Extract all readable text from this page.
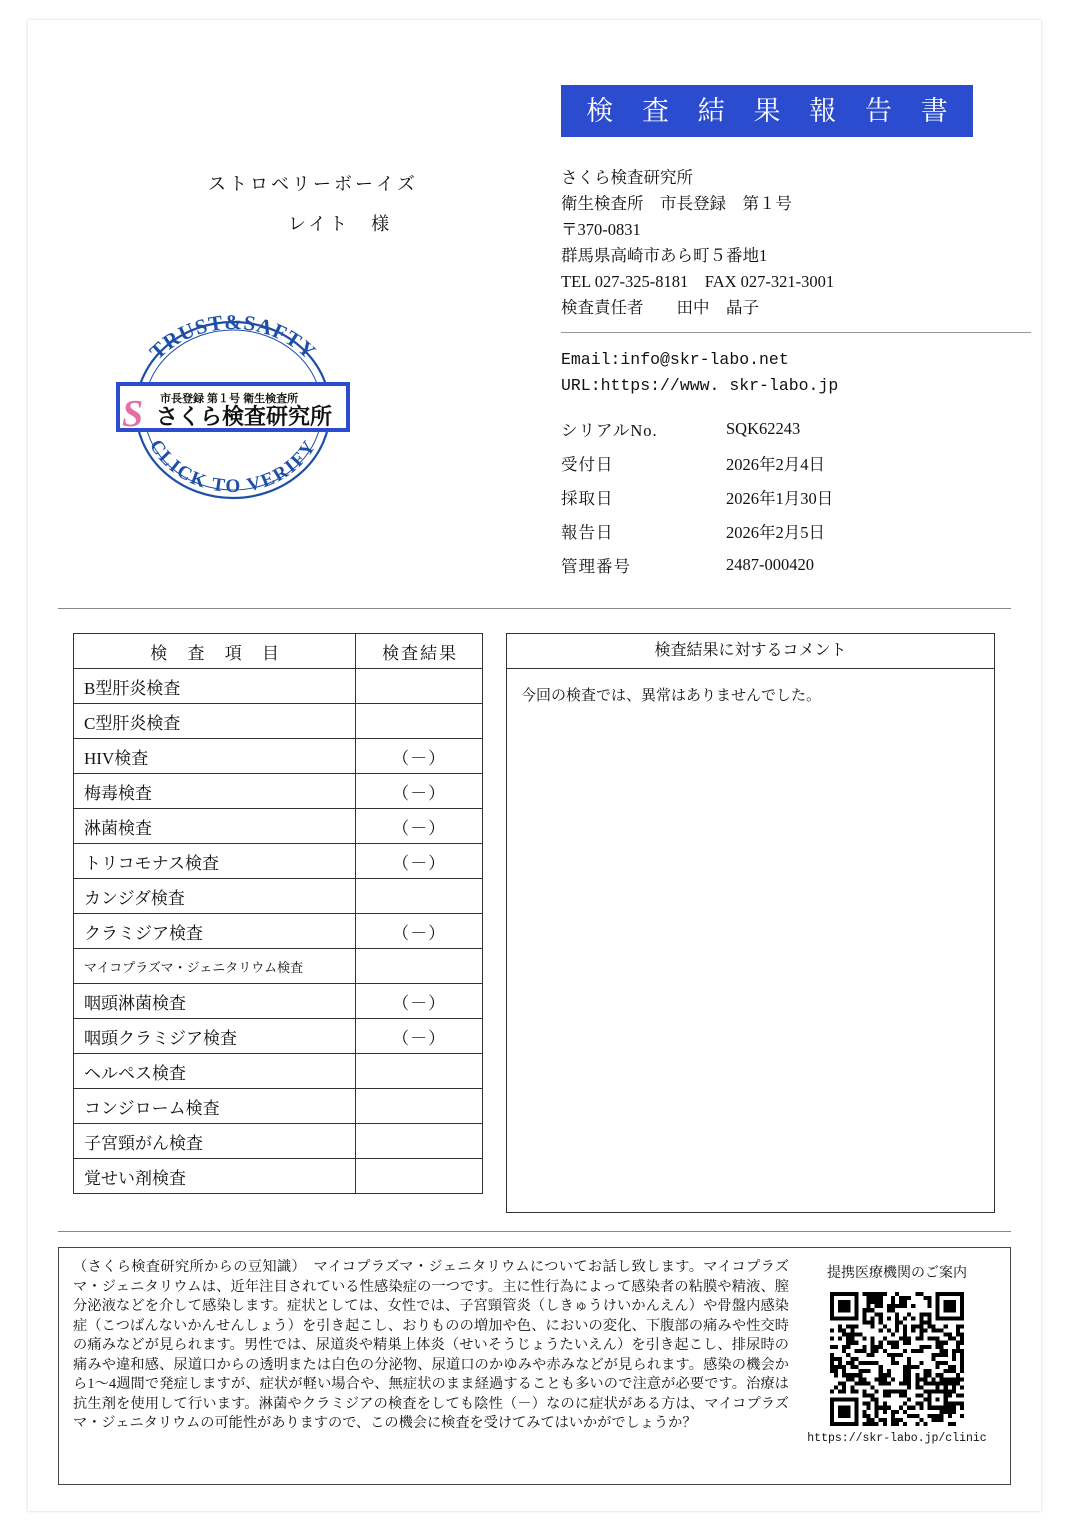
検 査 結 果 報 告 書
ストロベリーボーイズ
レイト　様
TRUST&SAFTY
CLICK TO VERIFY
市長登録 第１号 衛生検査所
さくら検査研究所
S
さくら検査研究所
衛生検査所　市長登録　第１号
〒370-0831
群馬県高崎市あら町５番地1
TEL 027-325-8181　FAX 027-321-3001
検査責任者　　田中　晶子
Email:info@skr-labo.net
URL:https://www. skr-labo.jp
シリアルNo.	SQK62243
受付日	2026年2月4日
採取日	2026年1月30日
報告日	2026年2月5日
管理番号	2487-000420
検 査 項 目	検査結果
B型肝炎検査	
C型肝炎検査	
HIV検査	（－）
梅毒検査	（－）
淋菌検査	（－）
トリコモナス検査	（－）
カンジダ検査	
クラミジア検査	（－）
マイコプラズマ・ジェニタリウム検査	
咽頭淋菌検査	（－）
咽頭クラミジア検査	（－）
ヘルペス検査	
コンジローム検査	
子宮頸がん検査	
覚せい剤検査	
検査結果に対するコメント
今回の検査では、異常はありませんでした。
（さくら検査研究所からの豆知識）　マイコプラズマ・ジェニタリウムについてお話し致します。マイコプラズマ・ジェニタリウムは、近年注目されている性感染症の一つです。主に性行為によって感染者の粘膜や精液、膣分泌液などを介して感染します。症状としては、女性では、子宮頸管炎（しきゅうけいかんえん）や骨盤内感染症（こつばんないかんせんしょう）を引き起こし、おりものの増加や色、においの変化、下腹部の痛みや性交時の痛みなどが見られます。男性では、尿道炎や精巣上体炎（せいそうじょうたいえん）を引き起こし、排尿時の痛みや違和感、尿道口からの透明または白色の分泌物、尿道口のかゆみや赤みなどが見られます。感染の機会から1〜4週間で発症しますが、症状が軽い場合や、無症状のまま経過することも多いので注意が必要です。治療は抗生剤を使用して行います。淋菌やクラミジアの検査をしても陰性（－）なのに症状がある方は、マイコプラズマ・ジェニタリウムの可能性がありますので、この機会に検査を受けてみてはいかがでしょうか？
提携医療機関のご案内
https://skr-labo.jp/clinic
